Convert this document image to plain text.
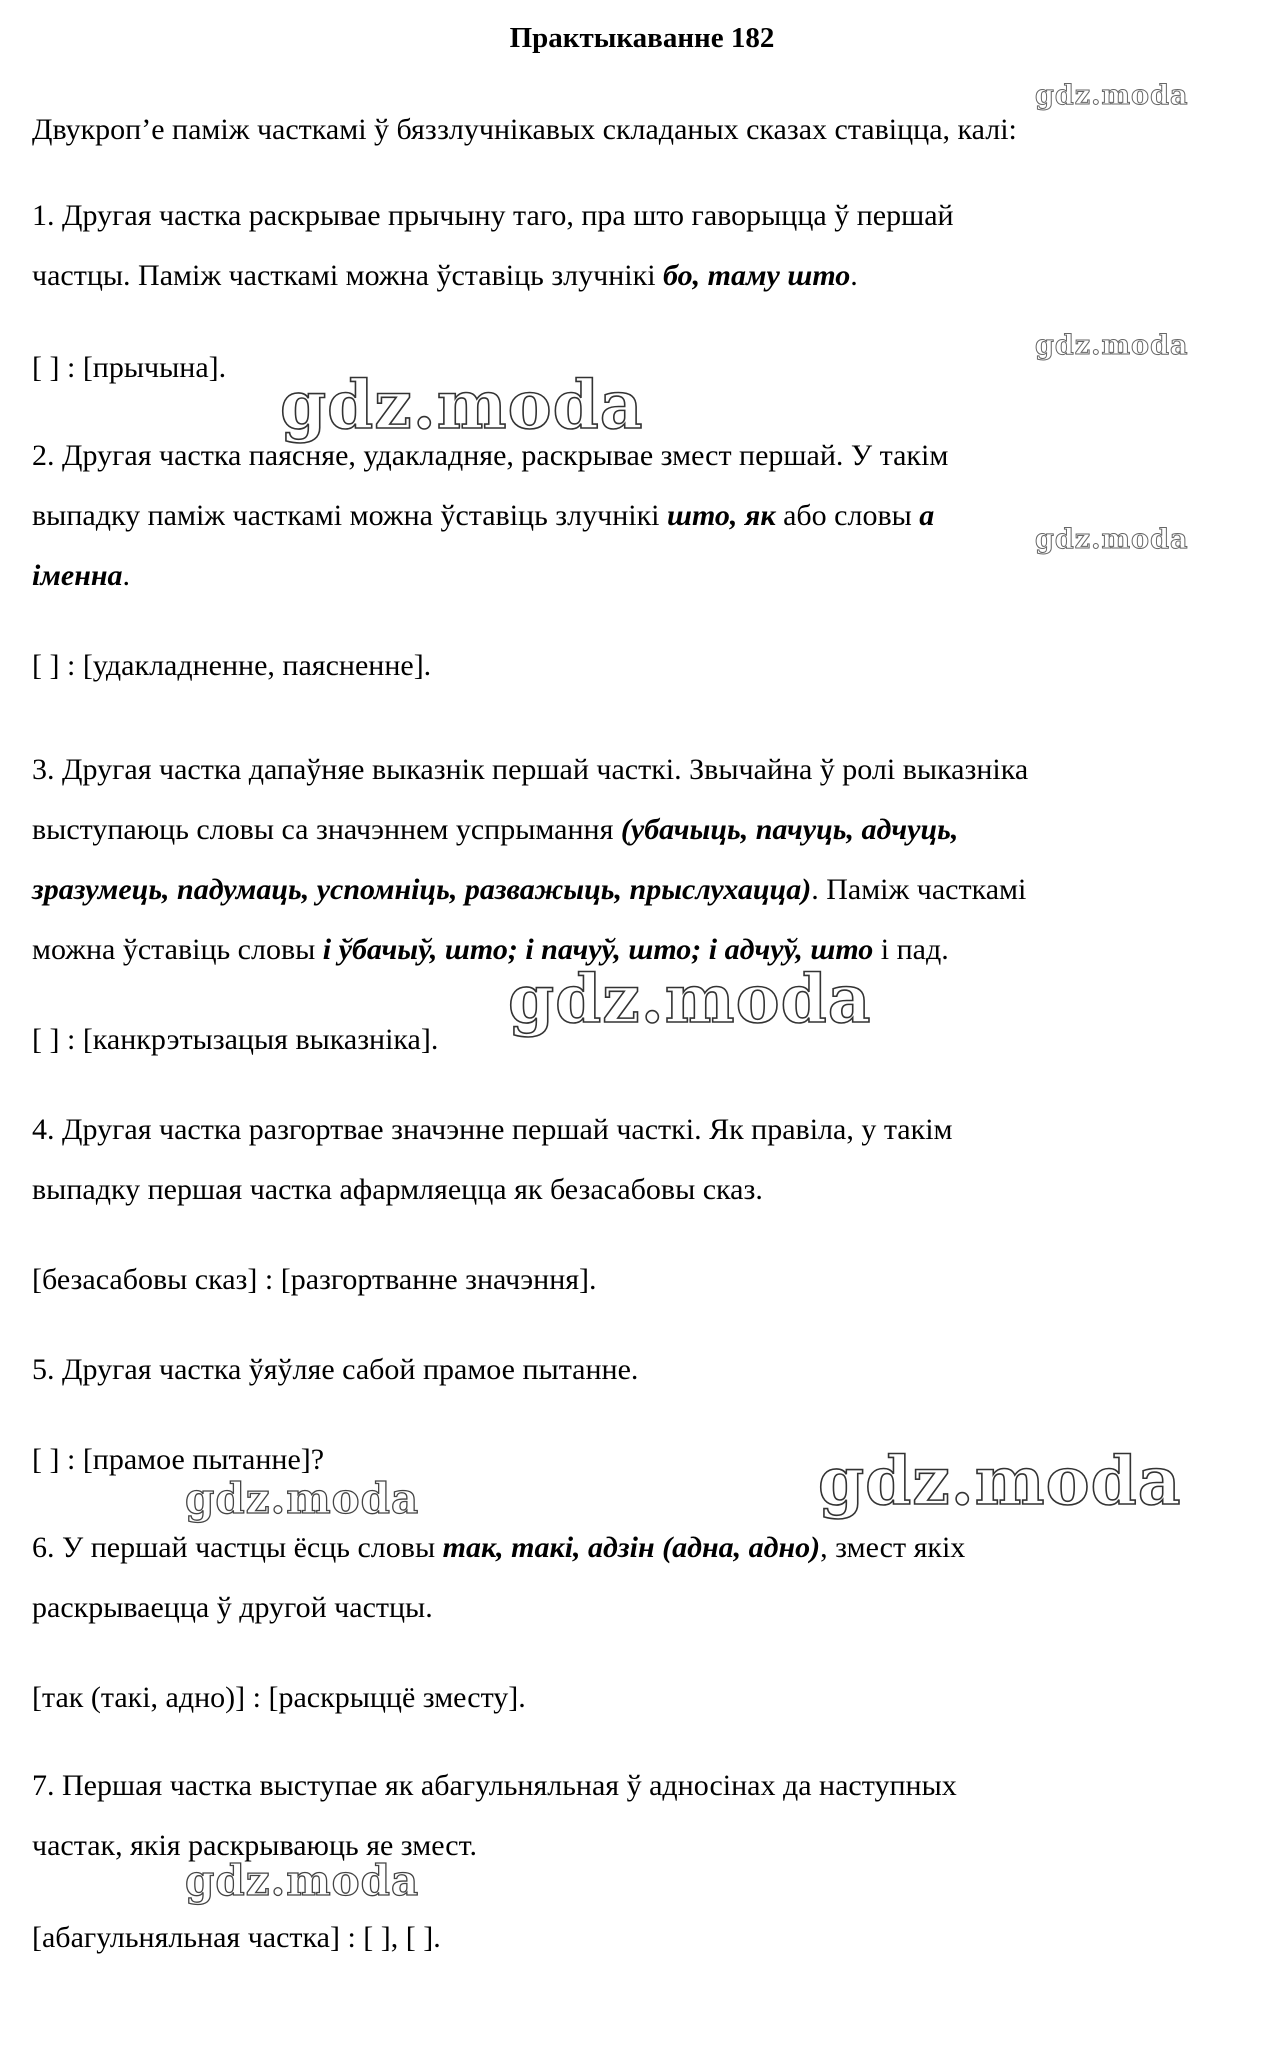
Практыкаванне 182
Двукроп’е паміж часткамі ў бяззлучнікавых складаных сказах ставіцца, калі:
1. Другая частка раскрывае прычыну таго, пра што гаворыцца ў першай
частцы. Паміж часткамі можна ўставіць злучнікі бо, таму што.
[ ] : [прычына].
2. Другая частка паясняе, удакладняе, раскрывае змест першай. У такім
выпадку паміж часткамі можна ўставіць злучнікі што, як або словы а
іменна.
[ ] : [удакладненне, паясненне].
3. Другая частка дапаўняе выказнік першай часткі. Звычайна ў ролі выказніка
выступаюць словы са значэннем успрымання (убачыць, пачуць, адчуць,
зразумець, падумаць, успомніць, разважыць, прыслухацца). Паміж часткамі
можна ўставіць словы і ўбачыў, што; і пачуў, што; і адчуў, што і пад.
[ ] : [канкрэтызацыя выказніка].
4. Другая частка разгортвае значэнне першай часткі. Як правіла, у такім
выпадку першая частка афармляецца як безасабовы сказ.
[безасабовы сказ] : [разгортванне значэння].
5. Другая частка ўяўляе сабой прамое пытанне.
[ ] : [прамое пытанне]?
6. У першай частцы ёсць словы так, такі, адзін (адна, адно), змест якіх
раскрываецца ў другой частцы.
[так (такі, адно)] : [раскрыццё зместу].
7. Першая частка выступае як абагульняльная ў адносінах да наступных
частак, якія раскрываюць яе змест.
[абагульняльная частка] : [ ], [ ].
gdz.moda
gdz.moda
gdz.moda
gdz.moda
gdz.moda
gdz.moda
gdz.moda
gdz.moda
